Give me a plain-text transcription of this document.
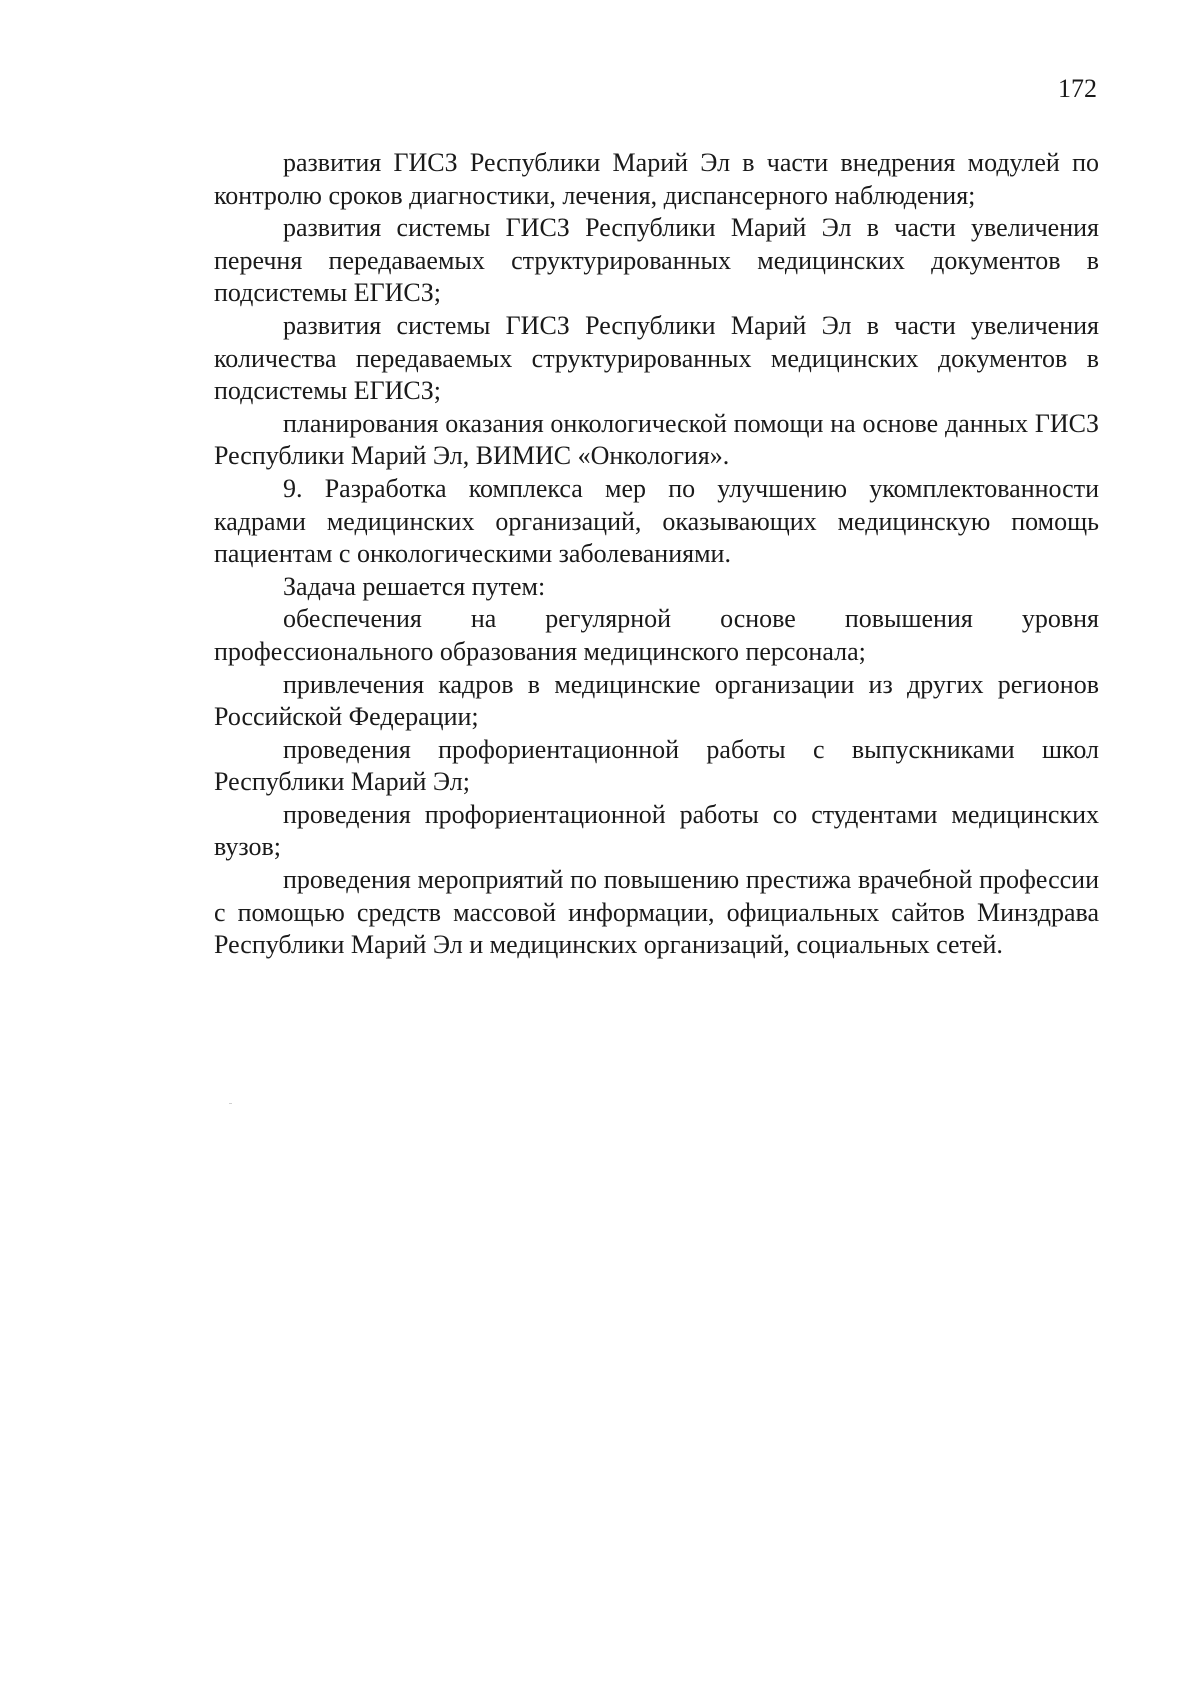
172

развития ГИСЗ Республики Марий Эл в части внедрения модулей по контролю сроков диагностики, лечения, диспансерного наблюдения;

развития системы ГИСЗ Республики Марий Эл в части увеличения перечня передаваемых структурированных медицинских документов в подсистемы ЕГИСЗ;

развития системы ГИСЗ Республики Марий Эл в части увеличения количества передаваемых структурированных медицинских документов в подсистемы ЕГИСЗ;

планирования оказания онкологической помощи на основе данных ГИСЗ Республики Марий Эл, ВИМИС «Онкология».

9. Разработка комплекса мер по улучшению укомплектованности кадрами медицинских организаций, оказывающих медицинскую помощь пациентам с онкологическими заболеваниями.

Задача решается путем:

обеспечения на регулярной основе повышения уровня профессионального образования медицинского персонала;

привлечения кадров в медицинские организации из других регионов Российской Федерации;

проведения профориентационной работы с выпускниками школ Республики Марий Эл;

проведения профориентационной работы со студентами медицинских вузов;

проведения мероприятий по повышению престижа врачебной профессии с помощью средств массовой информации, официальных сайтов Минздрава Республики Марий Эл и медицинских организаций, социальных сетей.
